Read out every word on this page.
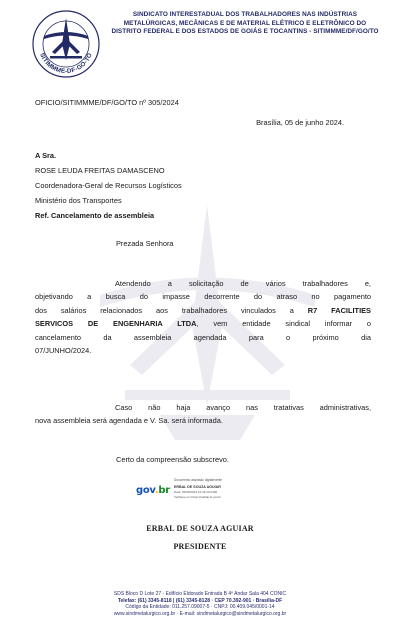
SITIMMME-DF-GO-TO
SINDICATO INTERESTADUAL DOS TRABALHADORES NAS INDÚSTRIAS
METALÚRGICAS, MECÂNICAS E DE MATERIAL ELÉTRICO E ELETRÔNICO DO
DISTRITO FEDERAL E DOS ESTADOS DE GOIÁS E TOCANTINS - SITIMMME/DF/GO/TO
OFICIO/SITIMMME/DF/GO/TO nº 305/2024
Brasília, 05 de junho 2024.
A Sra.
ROSE LEUDA FREITAS DAMASCENO
Coordenadora-Geral de Recursos Logísticos
Ministério dos Transportes
Ref. Cancelamento de assembleia
Prezada Senhora
Atendendo a solicitação de vários trabalhadores e,
objetivando a busca do impasse decorrente do atraso no pagamento
dos salários relacionados aos trabalhadores vinculados a R7 FACILITIES
SERVICOS DE ENGENHARIA LTDA, vem entidade sindical informar o
cancelamento da assembleia agendada para o próximo dia
07/JUNHO/2024.
Caso não haja avanço nas tratativas administrativas,
nova assembleia será agendada e V. Sa. será informada.
Certo da compreensão subscrevo.
gov.br
Documento assinado digitalmente
ERBAL DE SOUZA AGUIAR
Data: 05/06/2024 15:44:20-0300
Verifique em https://validar.iti.gov.br
ERBAL DE SOUZA AGUIAR
PRESIDENTE
SDS Bloco D Lote 27 - Edifício Eldorado Entrada B 4º Andar Sala 404 CONIC
Telefax: (61) 3345-8118 | (61) 3345-8128 · CEP 70.392-901 · Brasília-DF
Código da Entidade: 011.257.09007-5 · CNPJ: 00.409.045/0001-14
www.sindmetalurgico.org.br · E-mail: sindmetalurgico@sindmetalurgico.org.br
